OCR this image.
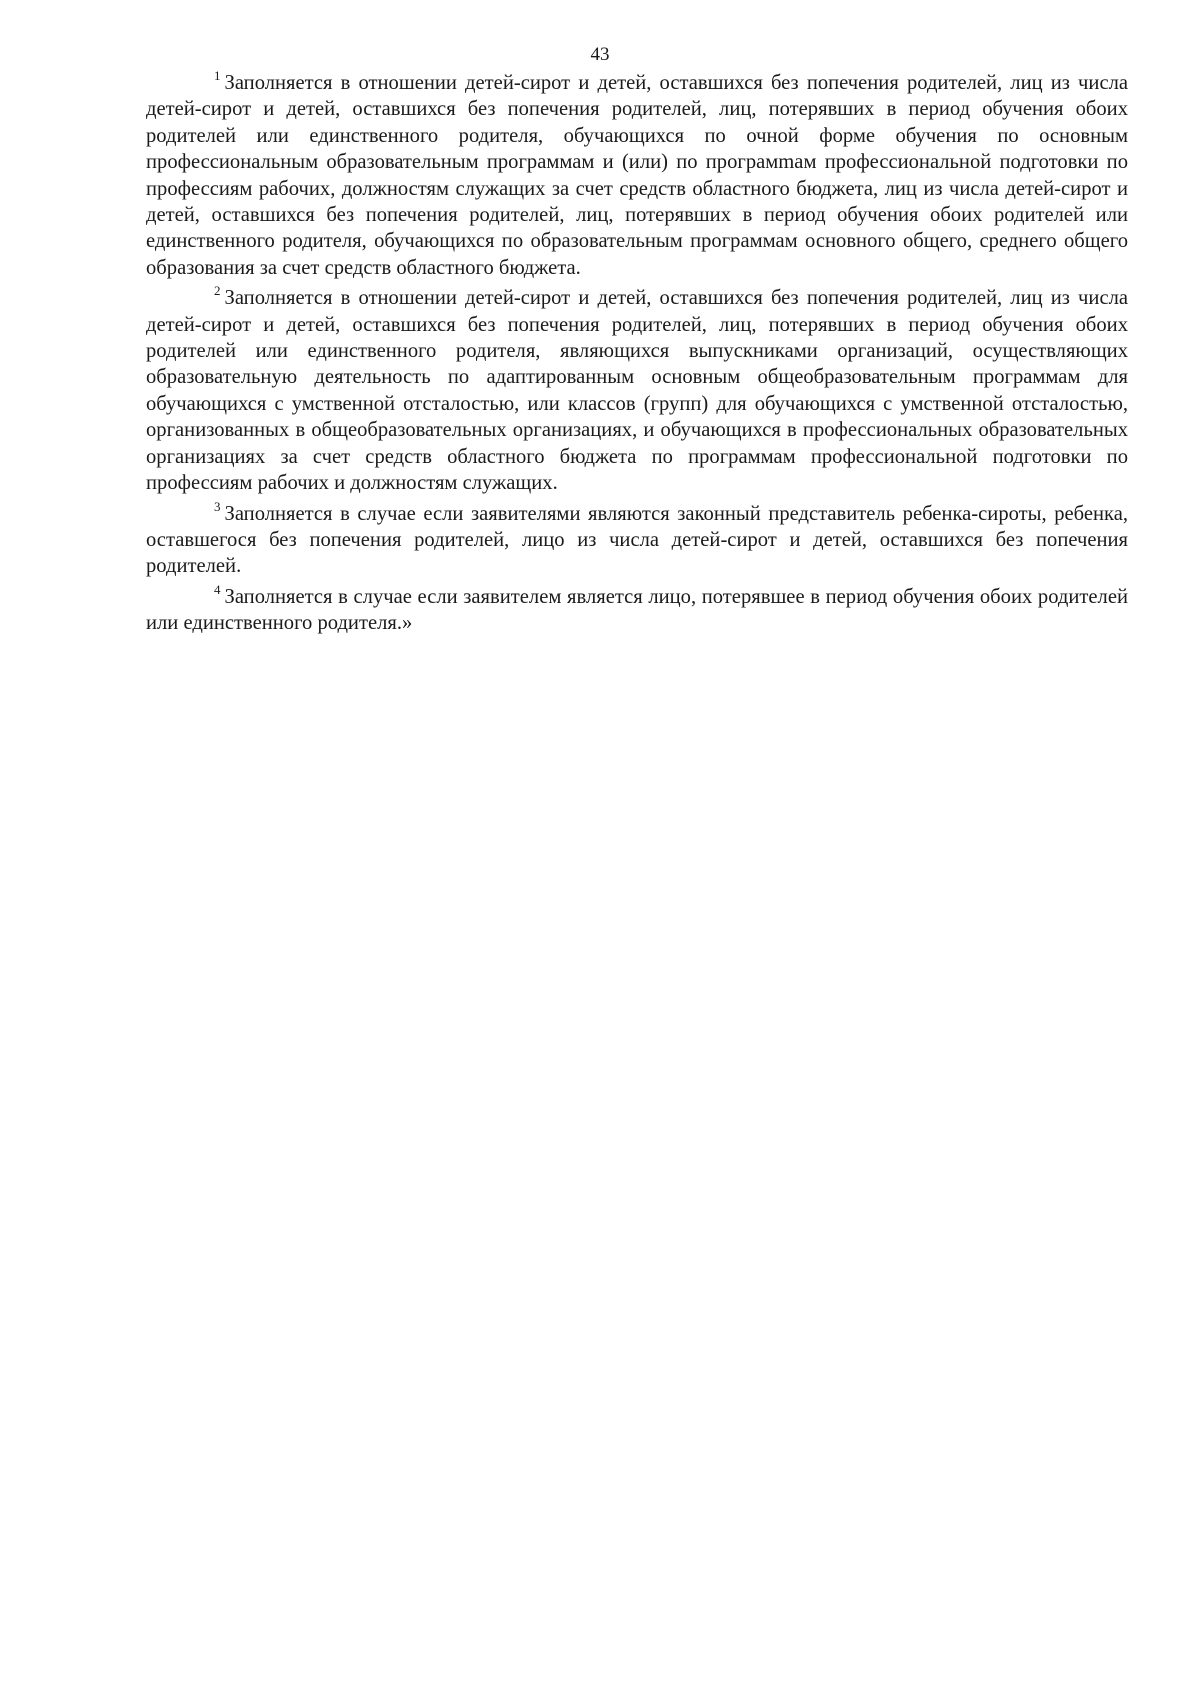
43

$^1$ Заполняется в отношении детей-сирот и детей, оставшихся без попечения родителей, лиц из числа детей-сирот и детей, оставшихся без попечения родителей, лиц, потерявших в период обучения обоих родителей или единственного родителя, обучающихся по очной форме обучения по основным профессиональным образовательным программам и (или) по програмmам профессиональной подготовки по профессиям рабочих, должностям служащих за счет средств областного бюджета, лиц из числа детей-сирот и детей, оставшихся без попечения родителей, лиц, потерявших в период обучения обоих родителей или единственного родителя, обучающихся по образовательным программам основного общего, среднего общего образования за счет средств областного бюджета.

$^2$ Заполняется в отношении детей-сирот и детей, оставшихся без попечения родителей, лиц из числа детей-сирот и детей, оставшихся без попечения родителей, лиц, потерявших в период обучения обоих родителей или единственного родителя, являющихся выпускниками организаций, осуществляющих образовательную деятельность по адаптированным основным общеобразовательным программам для обучающихся с умственной отсталостью, или классов (групп) для обучающихся с умственной отсталостью, организованных в общеобразовательных организациях, и обучающихся в профессиональных образовательных организациях за счет средств областного бюджета по программам профессиональной подготовки по профессиям рабочих и должностям служащих.

$^3$ Заполняется в случае если заявителями являются законный представитель ребенка-сироты, ребенка, оставшегося без попечения родителей, лицо из числа детей-сирот и детей, оставшихся без попечения родителей.

$^4$ Заполняется в случае если заявителем является лицо, потерявшее в период обучения обоих родителей или единственного родителя.»
